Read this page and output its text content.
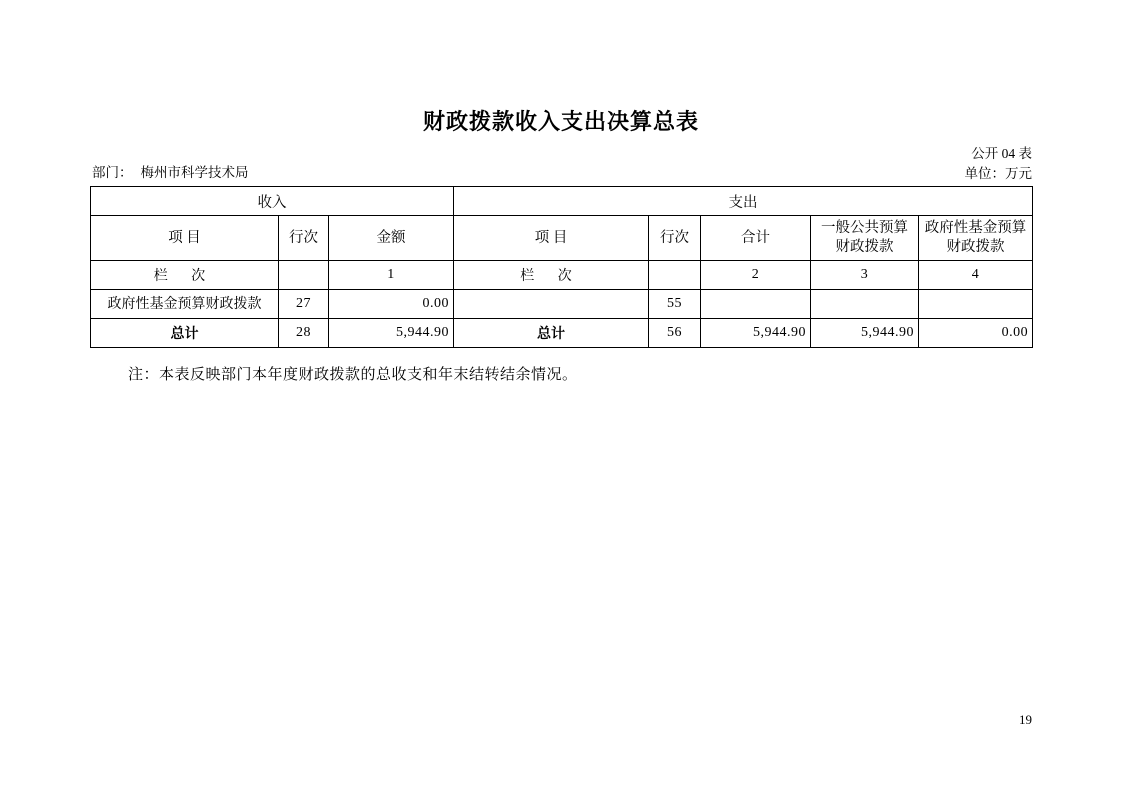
财政拨款收入支出决算总表
公开 04 表
单位：万元
部门： 梅州市科学技术局
收入			支出				
项 目	行次	金额	项 目	行次	合计	一般公共预算财政拨款	政府性基金预算财政拨款
栏 次		1	栏 次		2	3	4
政府性基金预算财政拨款	27	0.00		55			
总计	28	5,944.90	总计	56	5,944.90	5,944.90	0.00
注：本表反映部门本年度财政拨款的总收支和年末结转结余情况。
19
